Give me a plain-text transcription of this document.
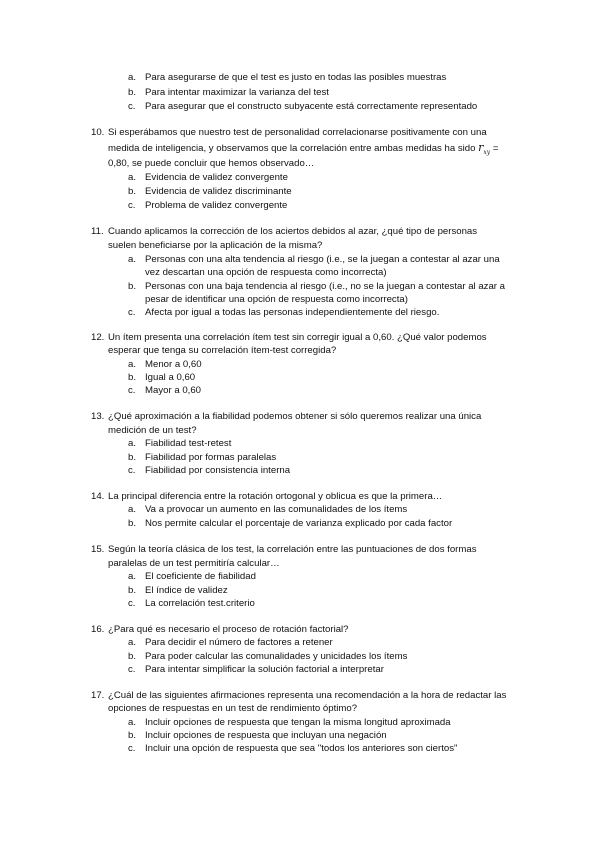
a. Para asegurarse de que el test es justo en todas las posibles muestras
b. Para intentar maximizar la varianza del test
c. Para asegurar que el constructo subyacente está correctamente representado
10. Si esperábamos que nuestro test de personalidad correlacionarse positivamente con una
medida de inteligencia, y observamos que la correlación entre ambas medidas ha sido $r_{xy}$ =
0,80, se puede concluir que hemos observado…
a. Evidencia de validez convergente
b. Evidencia de validez discriminante
c. Problema de validez convergente
11. Cuando aplicamos la corrección de los aciertos debidos al azar, ¿qué tipo de personas
suelen beneficiarse por la aplicación de la misma?
a. Personas con una alta tendencia al riesgo (i.e., se la juegan a contestar al azar una
vez descartan una opción de respuesta como incorrecta)
b. Personas con una baja tendencia al riesgo (i.e., no se la juegan a contestar al azar a
pesar de identificar una opción de respuesta como incorrecta)
c. Afecta por igual a todas las personas independientemente del riesgo.
12. Un ítem presenta una correlación ítem test sin corregir igual a 0,60. ¿Qué valor podemos
esperar que tenga su correlación ítem-test corregida?
a. Menor a 0,60
b. Igual a 0,60
c. Mayor a 0,60
13. ¿Qué aproximación a la fiabilidad podemos obtener si sólo queremos realizar una única
medición de un test?
a. Fiabilidad test-retest
b. Fiabilidad por formas paralelas
c. Fiabilidad por consistencia interna
14. La principal diferencia entre la rotación ortogonal y oblicua es que la primera…
a. Va a provocar un aumento en las comunalidades de los ítems
b. Nos permite calcular el porcentaje de varianza explicado por cada factor
15. Según la teoría clásica de los test, la correlación entre las puntuaciones de dos formas
paralelas de un test permitiría calcular…
a. El coeficiente de fiabilidad
b. El índice de validez
c. La correlación test.criterio
16. ¿Para qué es necesario el proceso de rotación factorial?
a. Para decidir el número de factores a retener
b. Para poder calcular las comunalidades y unicidades los ítems
c. Para intentar simplificar la solución factorial a interpretar
17. ¿Cuál de las siguientes afirmaciones representa una recomendación a la hora de redactar las
opciones de respuestas en un test de rendimiento óptimo?
a. Incluir opciones de respuesta que tengan la misma longitud aproximada
b. Incluir opciones de respuesta que incluyan una negación
c. Incluir una opción de respuesta que sea "todos los anteriores son ciertos"
